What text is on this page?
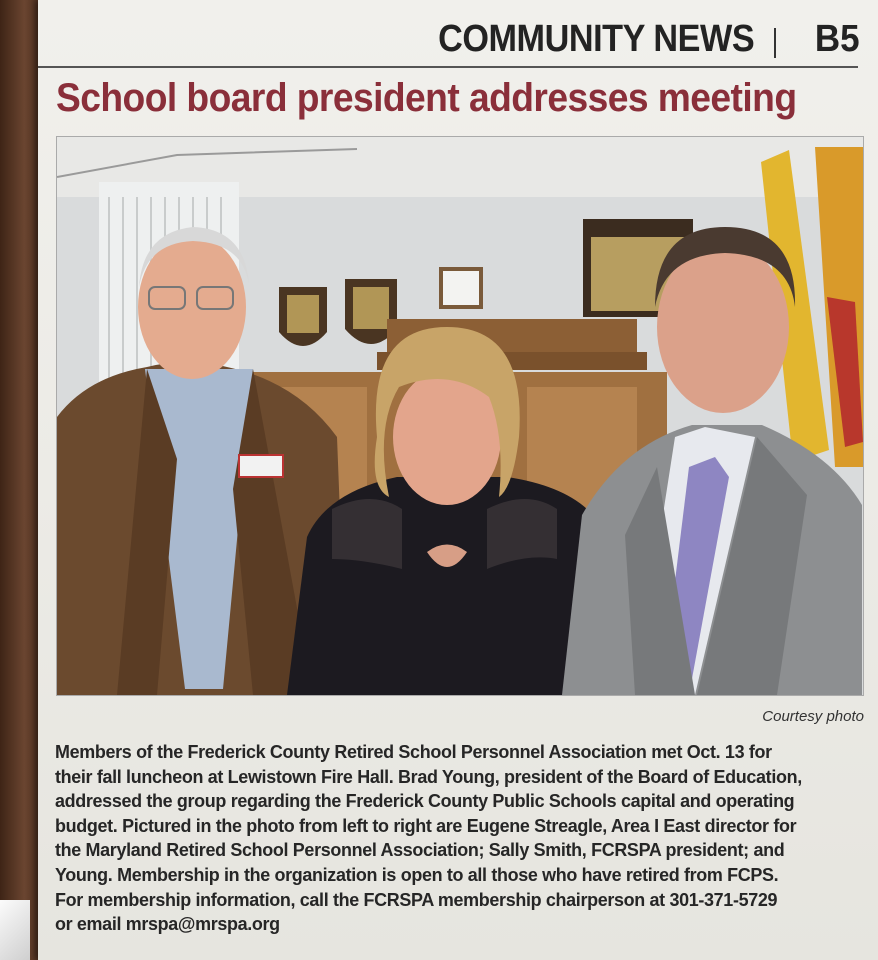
COMMUNITY NEWS B5
School board president addresses meeting
Courtesy photo

Members of the Frederick County Retired School Personnel Association met Oct. 13 for

their fall luncheon at Lewistown Fire Hall. Brad Young, president of the Board of Education,

addressed the group regarding the Frederick County Public Schools capital and operating

budget. Pictured in the photo from left to right are Eugene Streagle, Area I East director for

the Maryland Retired School Personnel Association; Sally Smith, FCRSPA president; and

Young. Membership in the organization is open to all those who have retired from FCPS.

For membership information, call the FCRSPA membership chairperson at 301-371-5729

or email mrspa@mrspa.org
